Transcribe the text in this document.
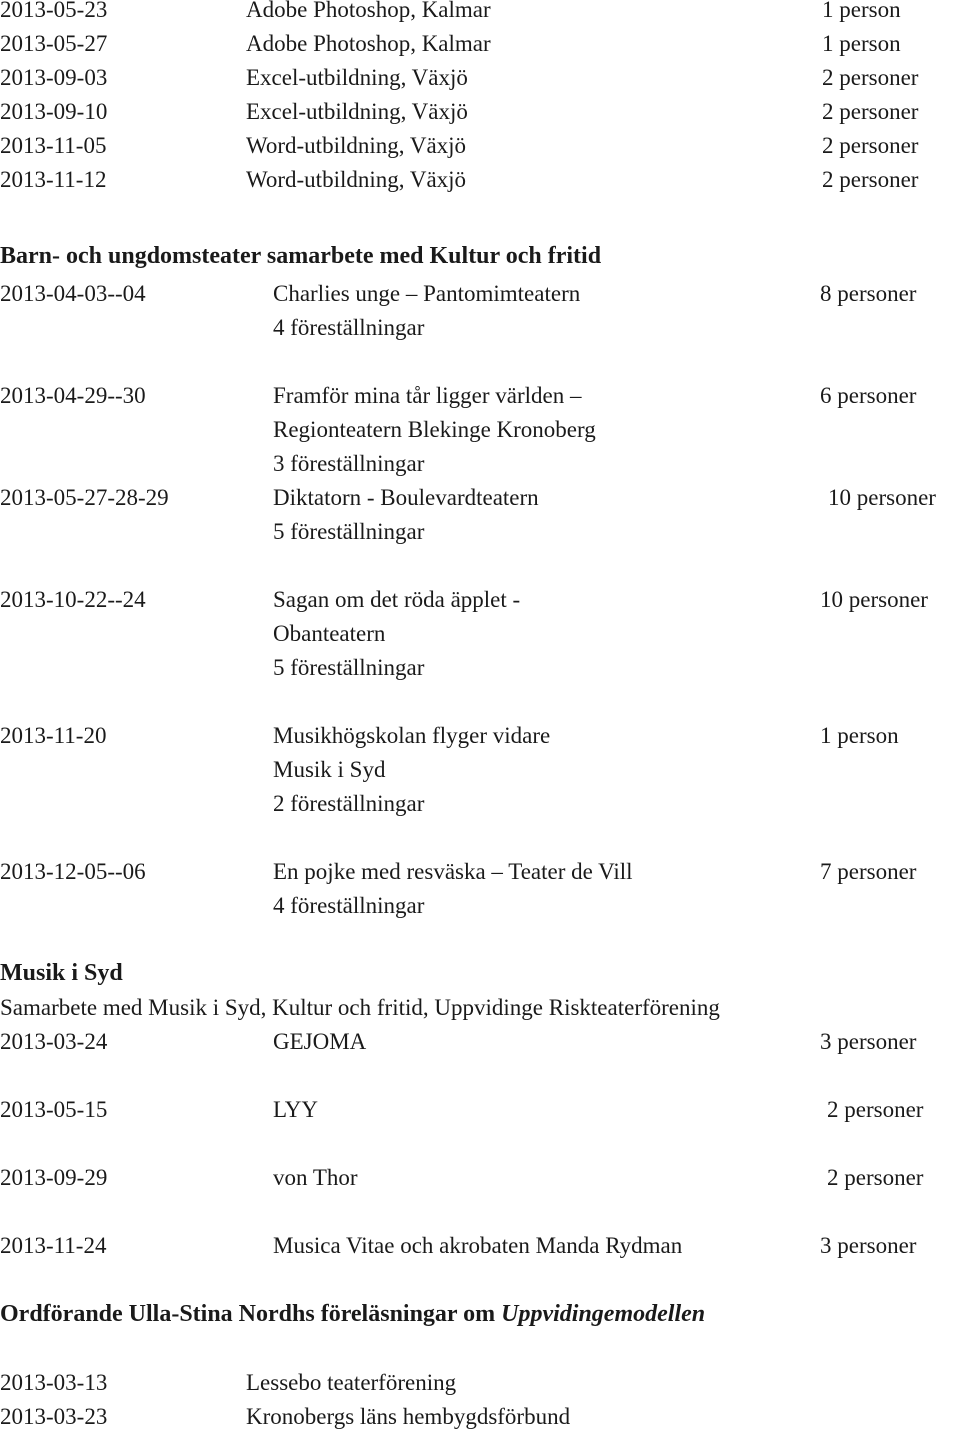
2013-05-23	Adobe Photoshop, Kalmar	1 person
2013-05-27	Adobe Photoshop, Kalmar	1 person
2013-09-03	Excel-utbildning, Växjö	2 personer
2013-09-10	Excel-utbildning, Växjö	2 personer
2013-11-05	Word-utbildning, Växjö	2 personer
2013-11-12	Word-utbildning, Växjö	2 personer
Barn- och ungdomsteater samarbete med Kultur och fritid
2013-04-03--04	Charlies unge – Pantomimteatern	8 personer
4 föreställningar
2013-04-29--30	Framför mina tår ligger världen –	6 personer
Regionteatern Blekinge Kronoberg
3 föreställningar
2013-05-27-28-29	Diktatorn - Boulevardteatern	10 personer
5 föreställningar
2013-10-22--24	Sagan om det röda äpplet -	10 personer
Obanteatern
5 föreställningar
2013-11-20	Musikhögskolan flyger vidare	1 person
Musik i Syd
2 föreställningar
2013-12-05--06	En pojke med resväska – Teater de Vill	7 personer
4 föreställningar
Musik i Syd
Samarbete med Musik i Syd, Kultur och fritid, Uppvidinge Riskteaterförening
2013-03-24	GEJOMA	3 personer
2013-05-15	LYY	2 personer
2013-09-29	von Thor	2 personer
2013-11-24	Musica Vitae och akrobaten Manda Rydman	3 personer
Ordförande Ulla-Stina Nordhs föreläsningar om Uppvidingemodellen
2013-03-13	Lessebo teaterförening
2013-03-23	Kronobergs läns hembygdsförbund
